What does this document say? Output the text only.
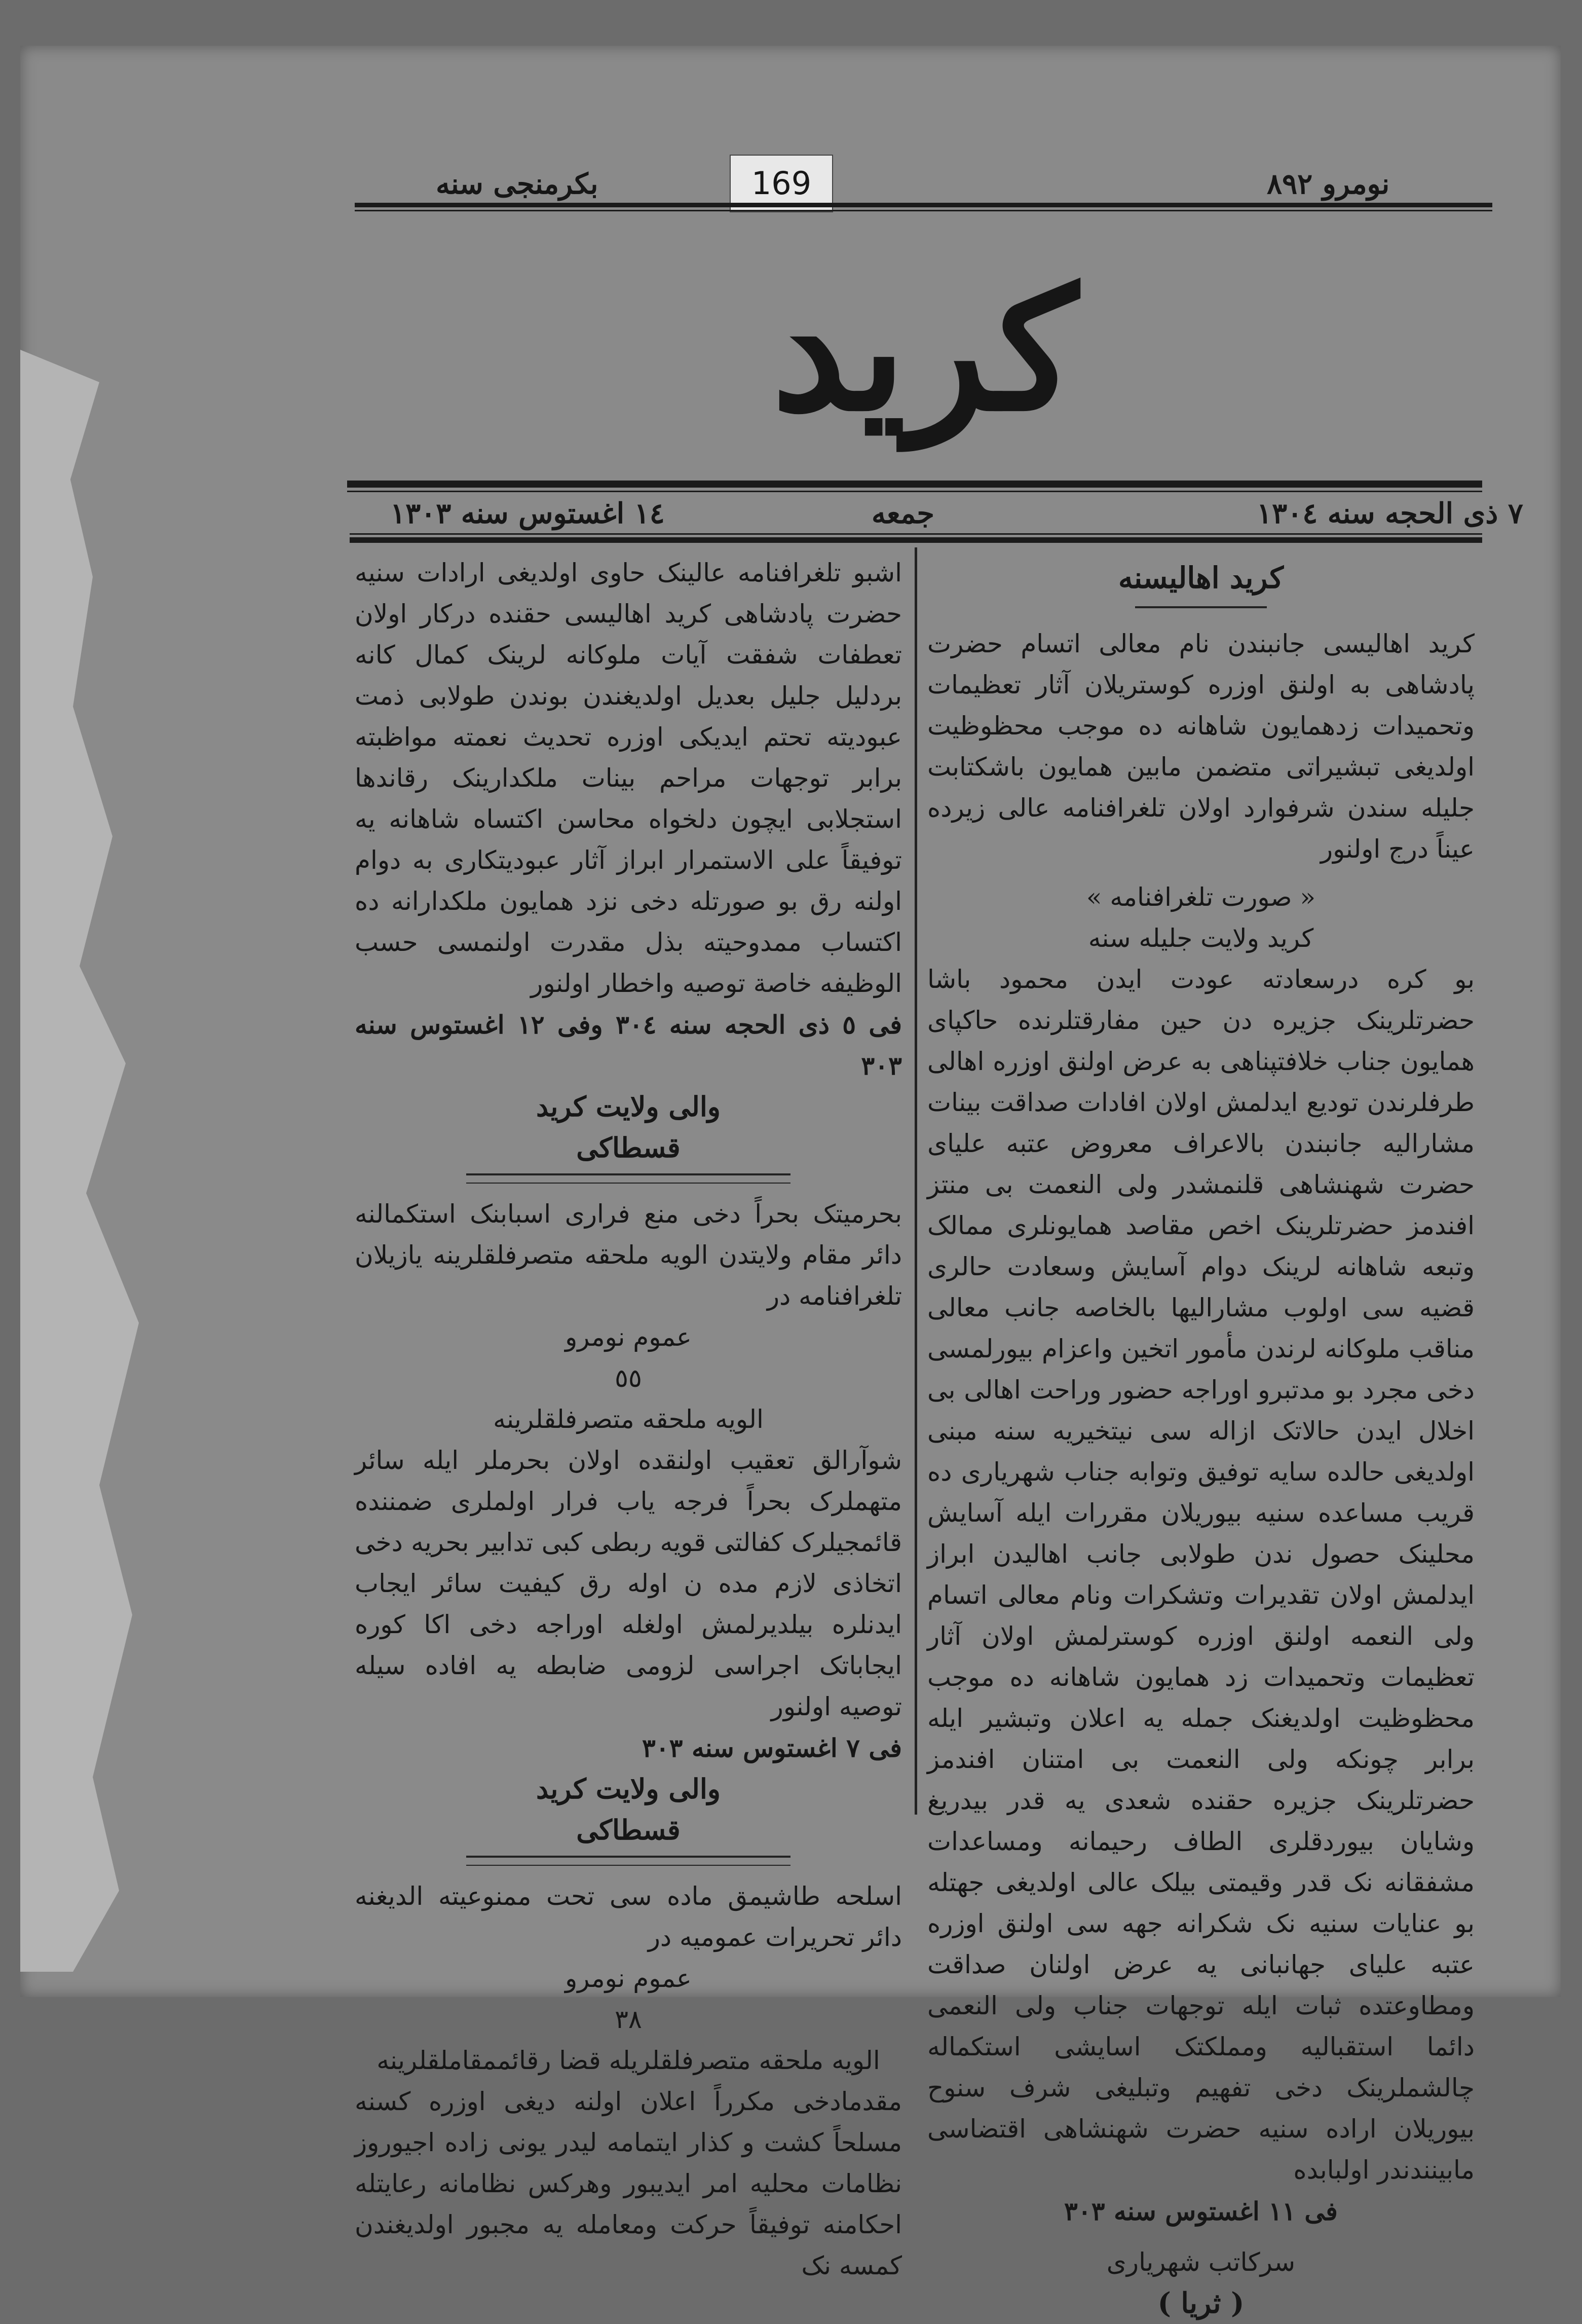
نومرو ٨٩٢
بکرمنجی سنه	169
کرید
٧ ذی الحجه سنه ١٣٠٤
جمعه
١٤ اغستوس سنه ١٣٠٣

کرید اهالیسنه

کرید اهالیسی جانبندن نام معالی اتسام حضرت پادشاهی به اولنق اوزره کوستریلان آثار تعظیمات وتحمیدات زدهمایون شاهانه ده موجب محظوظیت اولدیغی تبشیراتی متضمن مابین همایون باشکتابت جلیله سندن شرفوارد اولان تلغرافنامه عالی زیرده عیناً درج اولنور

« صورت تلغرافنامه »

کرید ولایت جلیله سنه

بو کره درسعادته عودت ایدن محمود باشا حضرتلرینک جزیره دن حین مفارقتلرنده حاکپای همایون جناب خلافتپناهی به عرض اولنق اوزره اهالی طرفلرندن تودیع ایدلمش اولان افادات صداقت بینات مشارالیه جانبندن بالاعراف معروض عتبه علیای حضرت شهنشاهی قلنمشدر ولی النعمت بی منتز افندمز حضرتلرینک اخص مقاصد همایونلری ممالک وتبعه شاهانه لرینک دوام آسایش وسعادت حالری قضیه سی اولوب مشارالیها بالخاصه جانب معالی مناقب ملوکانه لرندن مأمور اتخین واعزام بیورلمسی دخی مجرد بو مدتبرو اوراجه حضور وراحت اهالی بی اخلال ایدن حالاتک ازاله سی نیتخیریه سنه مبنی اولدیغی حالده سایه توفیق وتوابه جناب شهریاری ده قریب مساعده سنیه بیوریلان مقررات ایله آسایش محلینک حصول ندن طولابی جانب اهالیدن ابراز ایدلمش اولان تقدیرات وتشکرات ونام معالی اتسام ولی النعمه اولنق اوزره کوسترلمش اولان آثار تعظیمات وتحمیدات زد همایون شاهانه ده موجب محظوظیت اولدیغنک جمله یه اعلان وتبشیر ایله برابر چونکه ولی النعمت بی امتنان افندمز حضرتلرینک جزیره حقنده شعدی یه قدر بیدریغ وشایان بیوردقلری الطاف رحیمانه ومساعدات مشفقانه نک قدر وقیمتی بیلک عالی اولدیغی جهتله بو عنایات سنیه نک شکرانه جهه سی اولنق اوزره عتبه علیای جهانبانی یه عرض اولنان صداقت ومطاوعتده ثبات ایله توجهات جناب ولی النعمی دائما استقبالیه ومملکتک اسایشی استکماله چالشملرینک دخی تفهیم وتبلیغی شرف سنوح بیوریلان اراده سنیه حضرت شهنشاهی اقتضاسی مابینندندر اولبابده

فی ١١ اغستوس سنه ٣٠٣

سرکاتب شهریاری

( ثریا )

اشبو تلغرافنامه عالینک حاوی اولدیغی ارادات سنیه حضرت پادشاهی کرید اهالیسی حقنده درکار اولان تعطفات شفقت آیات ملوکانه لرینک کمال کانه بردلیل جلیل بعدیل اولدیغندن بوندن طولابی ذمت عبودیته تحتم ایدیکی اوزره تحدیث نعمته مواظبته برابر توجهات مراحم بینات ملکدارینک رقاندها استجلابی ایچون دلخواه محاسن اکتساه شاهانه یه توفیقاً علی الاستمرار ابراز آثار عبودیتکاری به دوام اولنه رق بو صورتله دخی نزد همایون ملکدارانه ده اکتساب ممدوحیته بذل مقدرت اولنمسی حسب الوظیفه خاصة توصیه واخطار اولنور

فی ٥ ذی الحجه سنه ٣٠٤ وفی ١٢ اغستوس سنه ٣٠٣

والی ولایت کرید

قسطاکی

بحرمیتک بحراً دخی منع فراری اسبابنک استکمالنه دائر مقام ولایتدن الویه ملحقه متصرفلقلرینه یازیلان تلغرافنامه در

عموم نومرو

٥٥

الویه ملحقه متصرفلقلرینه

شوآرالق تعقیب اولنقده اولان بحرملر ایله سائر متهملرک بحراً فرجه یاب فرار اولملری ضمننده قائمجیلرک کفالتی قویه ربطی کبی تدابیر بحریه دخی اتخاذی لازم مده ن اوله رق کیفیت سائر ایجاب ایدنلره بیلدیرلمش اولغله اوراجه دخی اکا کوره ایجاباتک اجراسی لزومی ضابطه یه افاده سیله توصیه اولنور

فی ٧ اغستوس سنه ٣٠٣

والی ولایت کرید

قسطاکی

اسلحه طاشیمق ماده سی تحت ممنوعیته الدیغنه دائر تحریرات عمومیه در

عموم نومرو

٣٨

الویه ملحقه متصرفلقلریله قضا رقائممقاملقلرینه

مقدمادخی مکرراً اعلان اولنه دیغی اوزره کسنه مسلحاً کشت و کذار ایتمامه لیدر یونی زاده اجیوروز نظامات محلیه امر ایدیبور وهرکس نظامانه رعایتله احکامنه توفیقاً حرکت ومعامله یه مجبور اولدیغندن کمسه نک
